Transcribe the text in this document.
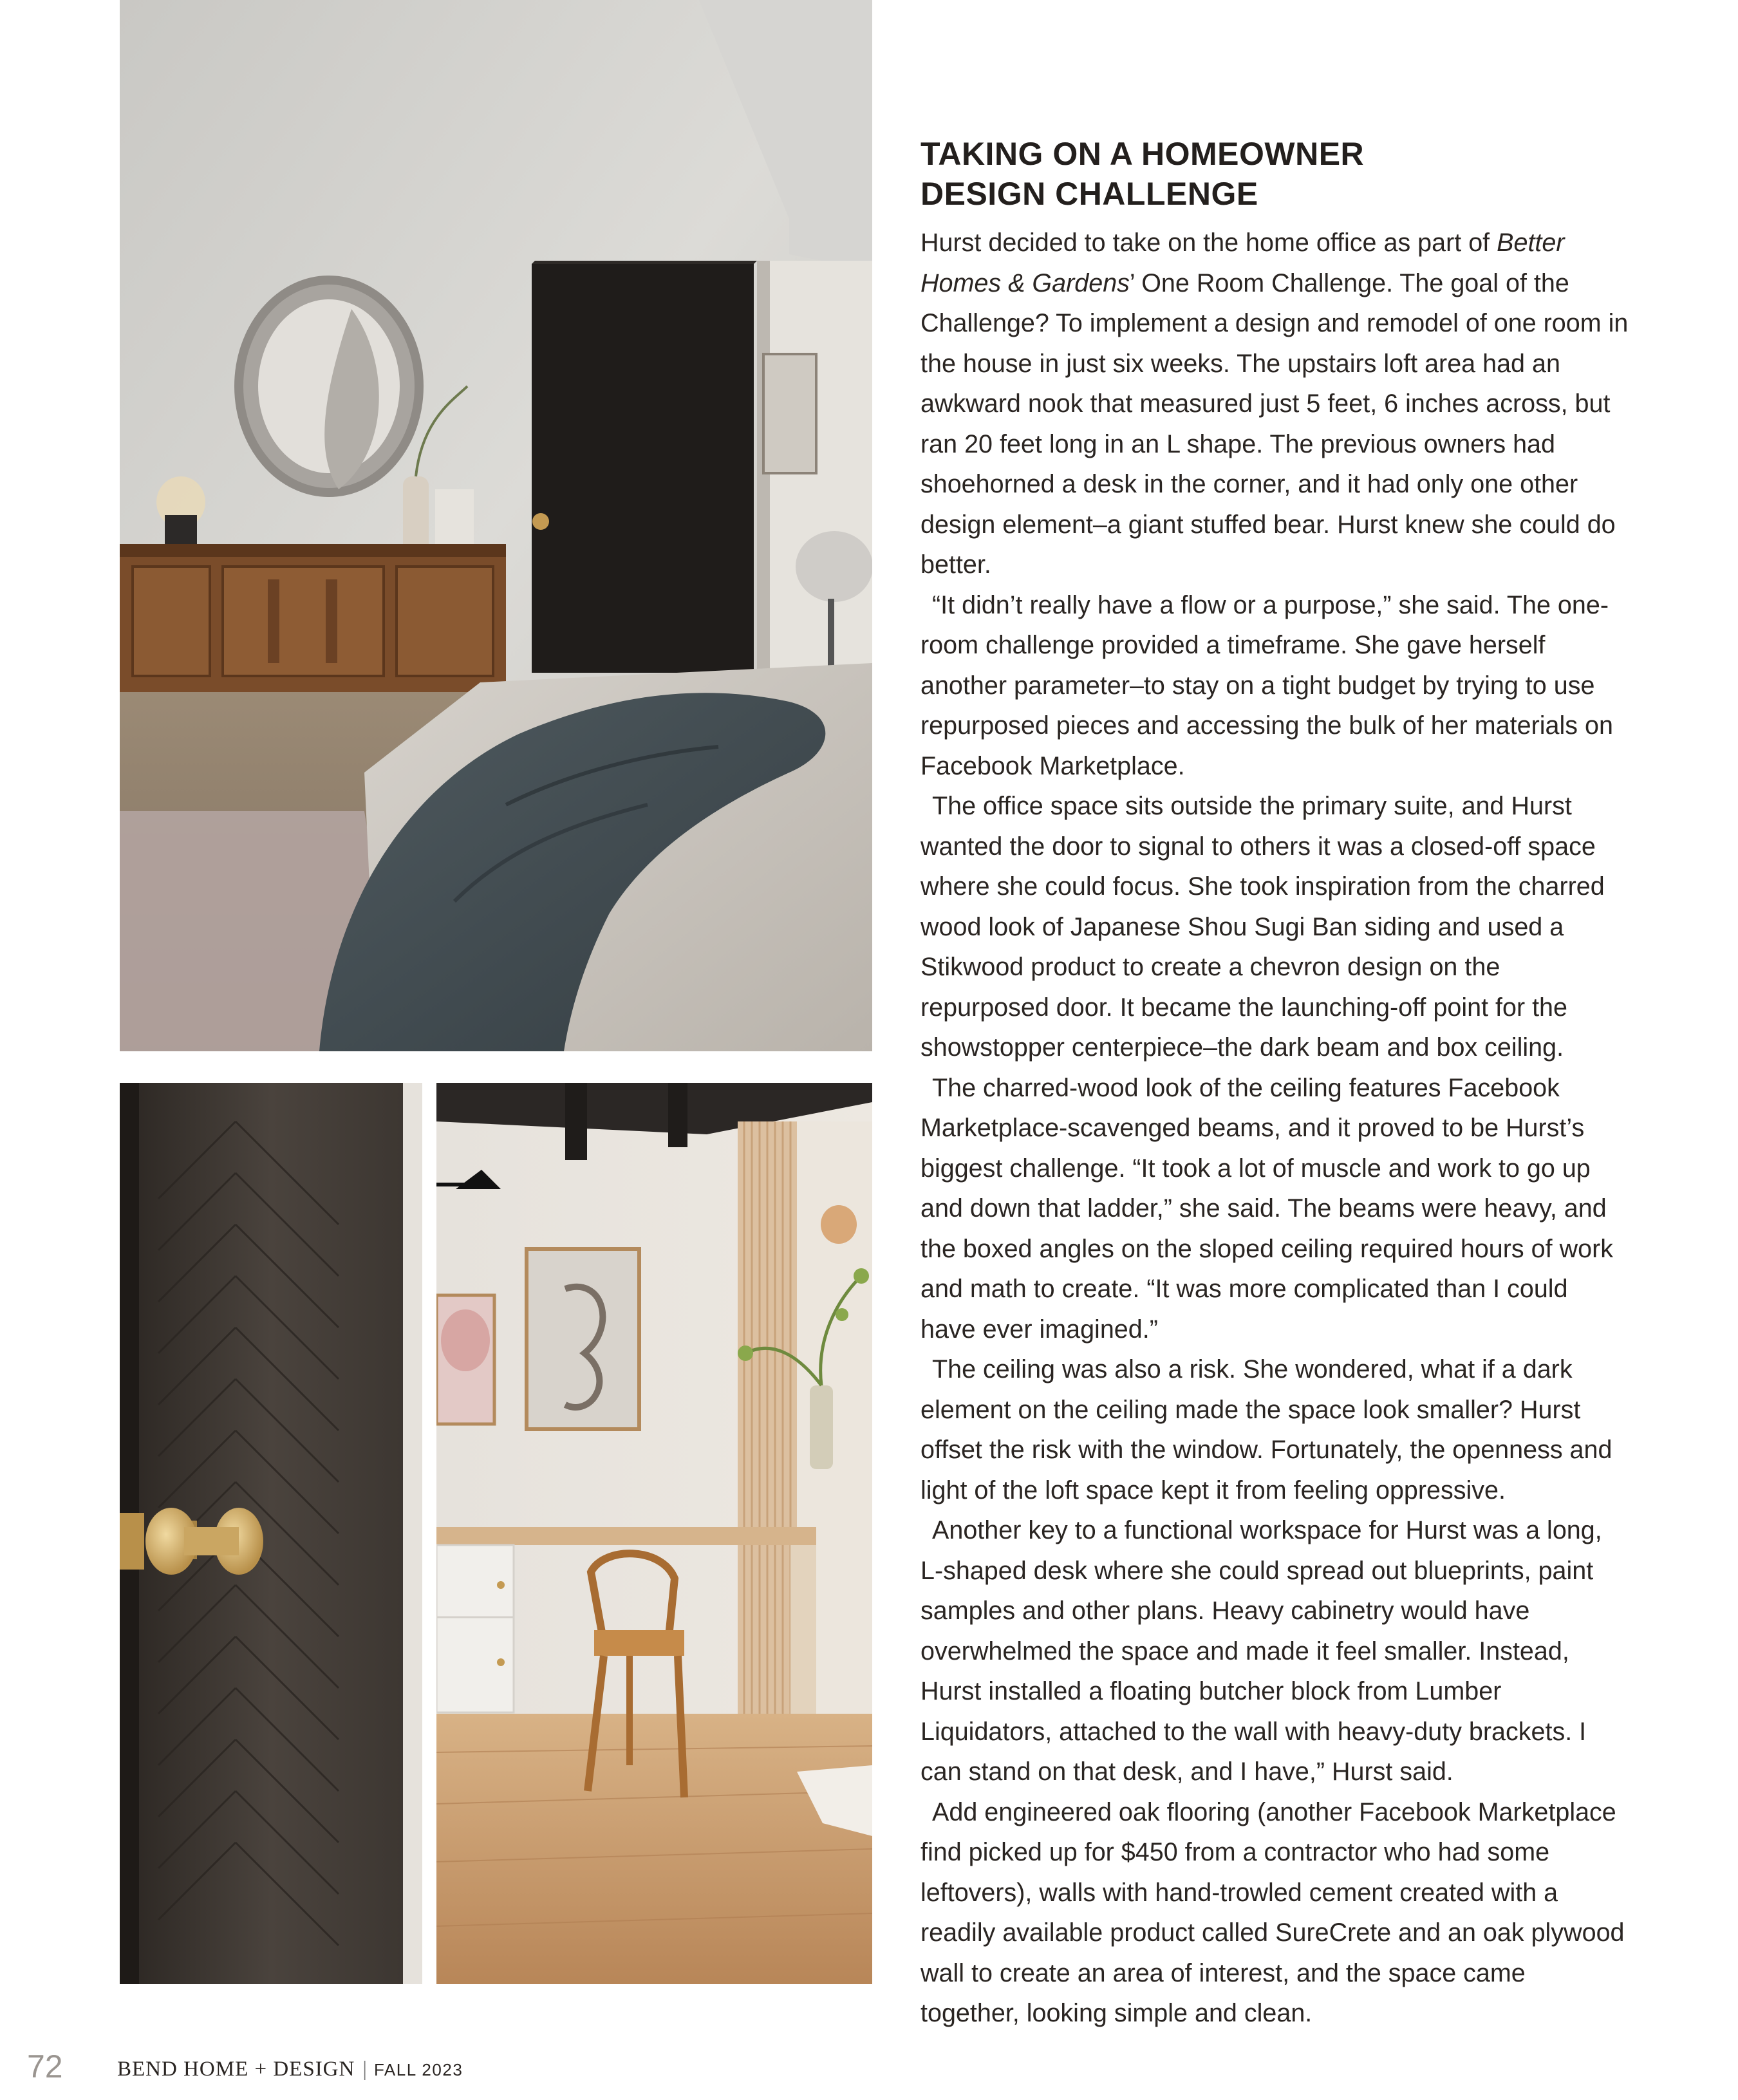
TAKING ON A HOMEOWNER
DESIGN CHALLENGE

Hurst decided to take on the home office as part of Better Homes & Gardens’ One Room Challenge. The goal of the Challenge? To implement a design and remodel of one room in the house in just six weeks. The upstairs loft area had an awkward nook that measured just 5 feet, 6 inches across, but ran 20 feet long in an L shape. The previous owners had shoehorned a desk in the corner, and it had only one other design element–a giant stuffed bear. Hurst knew she could do better.

“It didn’t really have a flow or a purpose,” she said. The one-room challenge provided a timeframe. She gave herself another parameter–to stay on a tight budget by trying to use repurposed pieces and accessing the bulk of her materials on Facebook Marketplace.

The office space sits outside the primary suite, and Hurst wanted the door to signal to others it was a closed-off space where she could focus. She took inspiration from the charred wood look of Japanese Shou Sugi Ban siding and used a Stikwood product to create a chevron design on the repurposed door. It became the launching-off point for the showstopper centerpiece–the dark beam and box ceiling.

The charred-wood look of the ceiling features Facebook Marketplace-scavenged beams, and it proved to be Hurst’s biggest challenge. “It took a lot of muscle and work to go up and down that ladder,” she said. The beams were heavy, and the boxed angles on the sloped ceiling required hours of work and math to create. “It was more complicated than I could have ever imagined.”

The ceiling was also a risk. She wondered, what if a dark element on the ceiling made the space look smaller? Hurst offset the risk with the window. Fortunately, the openness and light of the loft space kept it from feeling oppressive.

Another key to a functional workspace for Hurst was a long, L-shaped desk where she could spread out blueprints, paint samples and other plans. Heavy cabinetry would have overwhelmed the space and made it feel smaller. Instead, Hurst installed a floating butcher block from Lumber Liquidators, attached to the wall with heavy-duty brackets. I can stand on that desk, and I have,” Hurst said.

Add engineered oak flooring (another Facebook Marketplace find picked up for $450 from a contractor who had some leftovers), walls with hand-trowled cement created with a readily available product called SureCrete and an oak plywood wall to create an area of interest, and the space came together, looking simple and clean.

72	BEND HOME + DESIGN | FALL 2023
